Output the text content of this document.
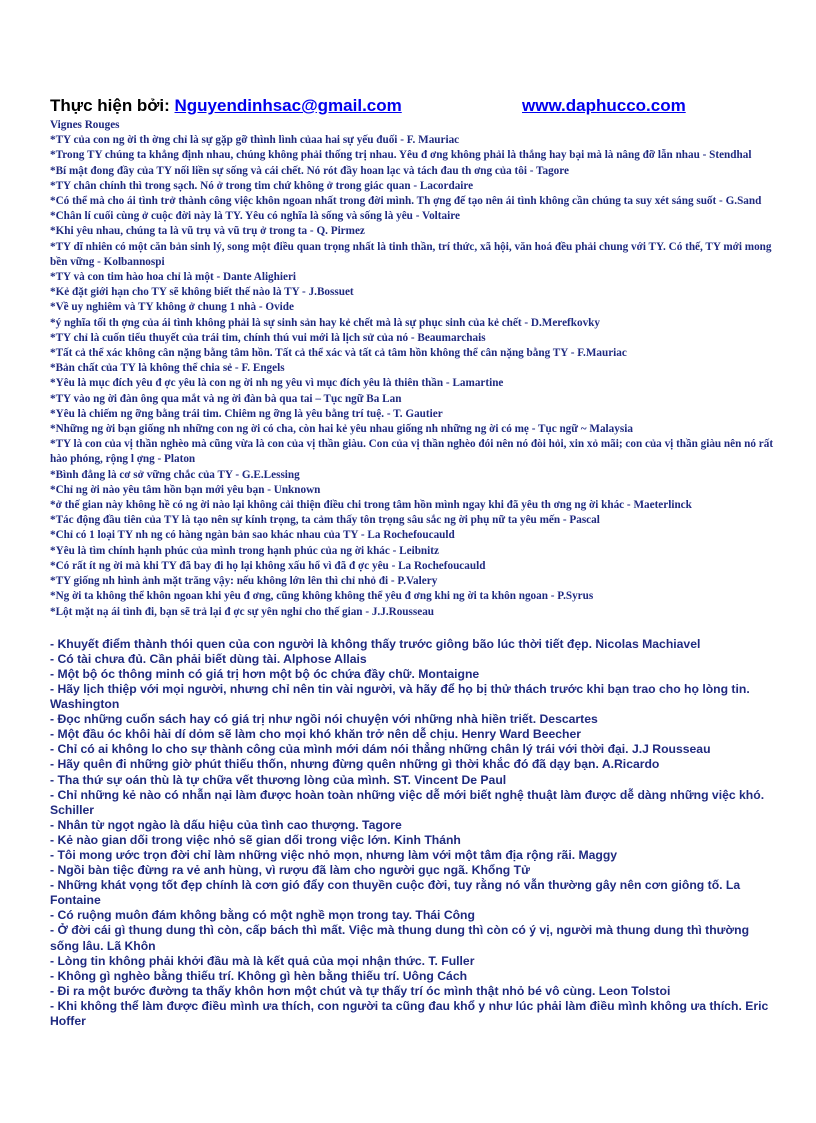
Thực hiện bởi: Nguyendinhsac@gmail.com	www.daphucco.com

Vignes Rouges

*TY của con ng ời th ờng chỉ là sự gặp gỡ thình lình củaa hai sự yếu đuối - F. Mauriac

*Trong TY chúng ta khẳng định nhau, chúng không phải thống trị nhau. Yêu đ ơng không phải là thắng hay bại mà là nâng đỡ lẫn nhau - Stendhal

*Bí mật đong đầy của TY nối liền sự sống và cái chết. Nó rót đầy hoan lạc và tách đau th ơng của tôi - Tagore

*TY chân chính thì trong sạch. Nó ở trong tim chứ không ở trong giác quan - Lacordaire

*Có thể mà cho ái tình trở thành công việc khôn ngoan nhất trong đời mình. Th ợng đế tạo nên ái tình không cần chúng ta suy xét sáng suốt - G.Sand

*Chân lí cuối cùng ở cuộc đời này là TY. Yêu có nghĩa là sống và sống là yêu - Voltaire

*Khi yêu nhau, chúng ta là vũ trụ và vũ trụ ở trong ta - Q. Pirmez

*TY dĩ nhiên có một căn bản sinh lý, song một điều quan trọng nhất là tinh thần, trí thức, xã hội, văn hoá đều phải chung với TY. Có thế, TY mới mong bền vững - Kolbannospi

*TY và con tim hào hoa chỉ là một - Dante Alighieri

*Kẻ đặt giới hạn cho TY sẽ không biết thế nào là TY - J.Bossuet

*Về uy nghiêm và TY không ở chung 1 nhà - Ovide

*ý nghĩa tối th ợng của ái tình không phải là sự sinh sản hay kẻ chết mà là sự phục sinh của kẻ chết - D.Merefkovky

*TY chỉ là cuốn tiểu thuyết của trái tim, chính thú vui mới là lịch sử của nó - Beaumarchais

*Tất cả thể xác không cân nặng bằng tâm hồn. Tất cả thể xác và tất cả tâm hồn không thể cân nặng bằng TY - F.Mauriac

*Bản chất của TY là không thể chia sẻ - F. Engels

*Yêu là mục đích yêu đ ợc yêu là con ng ời nh ng yêu vì mục đích yêu là thiên thần - Lamartine

*TY vào ng ời đàn ông qua mắt và ng ời đàn bà qua tai – Tục ngữ Ba Lan

*Yêu là chiếm ng ỡng bằng trái tim. Chiêm ng ỡng là yêu bằng trí tuệ. - T. Gautier

*Những ng ời bạn giống nh những con ng ời có cha, còn hai kẻ yêu nhau giống nh những ng ời có mẹ - Tục ngữ ~ Malaysia

*TY là con của vị thần nghèo mà cũng vừa là con của vị thần giàu. Con của vị thần nghèo đói nên nó đòi hỏi, xin xỏ mãi; con của vị thần giàu nên nó rất hào phóng, rộng l ợng - Platon

*Bình đẳng là cơ sở vững chắc của TY - G.E.Lessing

*Chỉ ng ời nào yêu tâm hồn bạn mới yêu bạn - Unknown

*ở thế gian này không hề có ng ời nào lại không cải thiện điều chi trong tâm hồn mình ngay khi đã yêu th ơng ng ời khác - Maeterlinck

*Tác động đầu tiên của TY là tạo nên sự kính trọng, ta cảm thấy tôn trọng sâu sắc ng ời phụ nữ ta yêu mến - Pascal

*Chỉ có 1 loại TY nh ng có hàng ngàn bản sao khác nhau của TY - La Rochefoucauld

*Yêu là tìm chính hạnh phúc của mình trong hạnh phúc của ng ời khác - Leibnitz

*Có rất ít ng ời mà khi TY đã bay đi họ lại không xấu hổ vì đã đ ợc yêu - La Rochefoucauld

*TY giống nh hình ảnh mặt trăng vậy: nếu không lớn lên thì chỉ nhỏ đi - P.Valery

*Ng ời ta không thể khôn ngoan khi yêu đ ơng, cũng không không thể yêu đ ơng khi ng ời ta khôn ngoan - P.Syrus

*Lột mặt nạ ái tình đi, bạn sẽ trả lại đ ợc sự yên nghỉ cho thế gian - J.J.Rousseau

- Khuyết điểm thành thói quen của con người là không thấy trước giông bão lúc thời tiết đẹp. Nicolas Machiavel

- Có tài chưa đủ. Cần phải biết dùng tài. Alphose Allais

- Một bộ óc thông minh có giá trị hơn một bộ óc chứa đầy chữ. Montaigne

- Hãy lịch thiệp với mọi người, nhưng chỉ nên tin vài người, và hãy để họ bị thử thách trước khi bạn trao cho họ lòng tin. Washington

- Đọc những cuốn sách hay có giá trị như ngồi nói chuyện với những nhà hiền triết. Descartes

- Một đầu óc khôi hài dí dỏm sẽ làm cho mọi khó khăn trở nên dễ chịu. Henry Ward Beecher

- Chỉ có ai không lo cho sự thành công của mình mới dám nói thẳng những chân lý trái với thời đại. J.J Rousseau

- Hãy quên đi những giờ phút thiếu thốn, nhưng đừng quên những gì thời khắc đó đã dạy bạn. A.Ricardo

- Tha thứ sự oán thù là tự chữa vết thương lòng của mình. ST. Vincent De Paul

- Chỉ những kẻ nào có nhẫn nại làm được hoàn toàn những việc dễ mới biết nghệ thuật làm được dễ dàng những việc khó. Schiller

- Nhân từ ngọt ngào là dấu hiệu của tình cao thượng. Tagore

- Kẻ nào gian dối trong việc nhỏ sẽ gian dối trong việc lớn. Kinh Thánh

- Tôi mong ước trọn đời chỉ làm những việc nhỏ mọn, nhưng làm với một tâm địa rộng rãi. Maggy

- Ngồi bàn tiệc đừng ra vẻ anh hùng, vì rượu đã làm cho người gục ngã. Khổng Tử

- Những khát vọng tốt đẹp chính là cơn gió đẩy con thuyền cuộc đời, tuy rằng nó vẫn thường gây nên cơn giông tố. La Fontaine

- Có ruộng muôn đám không bằng có một nghề mọn trong tay. Thái Công

- Ở đời cái gì thung dung thì còn, cấp bách thì mất. Việc mà thung dung thì còn có ý vị, người mà thung dung thì thường sống lâu. Lã Khôn

- Lòng tin không phải khởi đầu mà là kết quả của mọi nhận thức. T. Fuller

- Không gì nghèo bằng thiếu trí. Không gì hèn bằng thiếu trí. Uông Cách

- Đi ra một bước đường ta thấy khôn hơn một chút và tự thấy trí óc mình thật nhỏ bé vô cùng. Leon Tolstoi

- Khi không thể làm được điều mình ưa thích, con người ta cũng đau khổ y như lúc phải làm điều mình không ưa thích. Eric Hoffer
